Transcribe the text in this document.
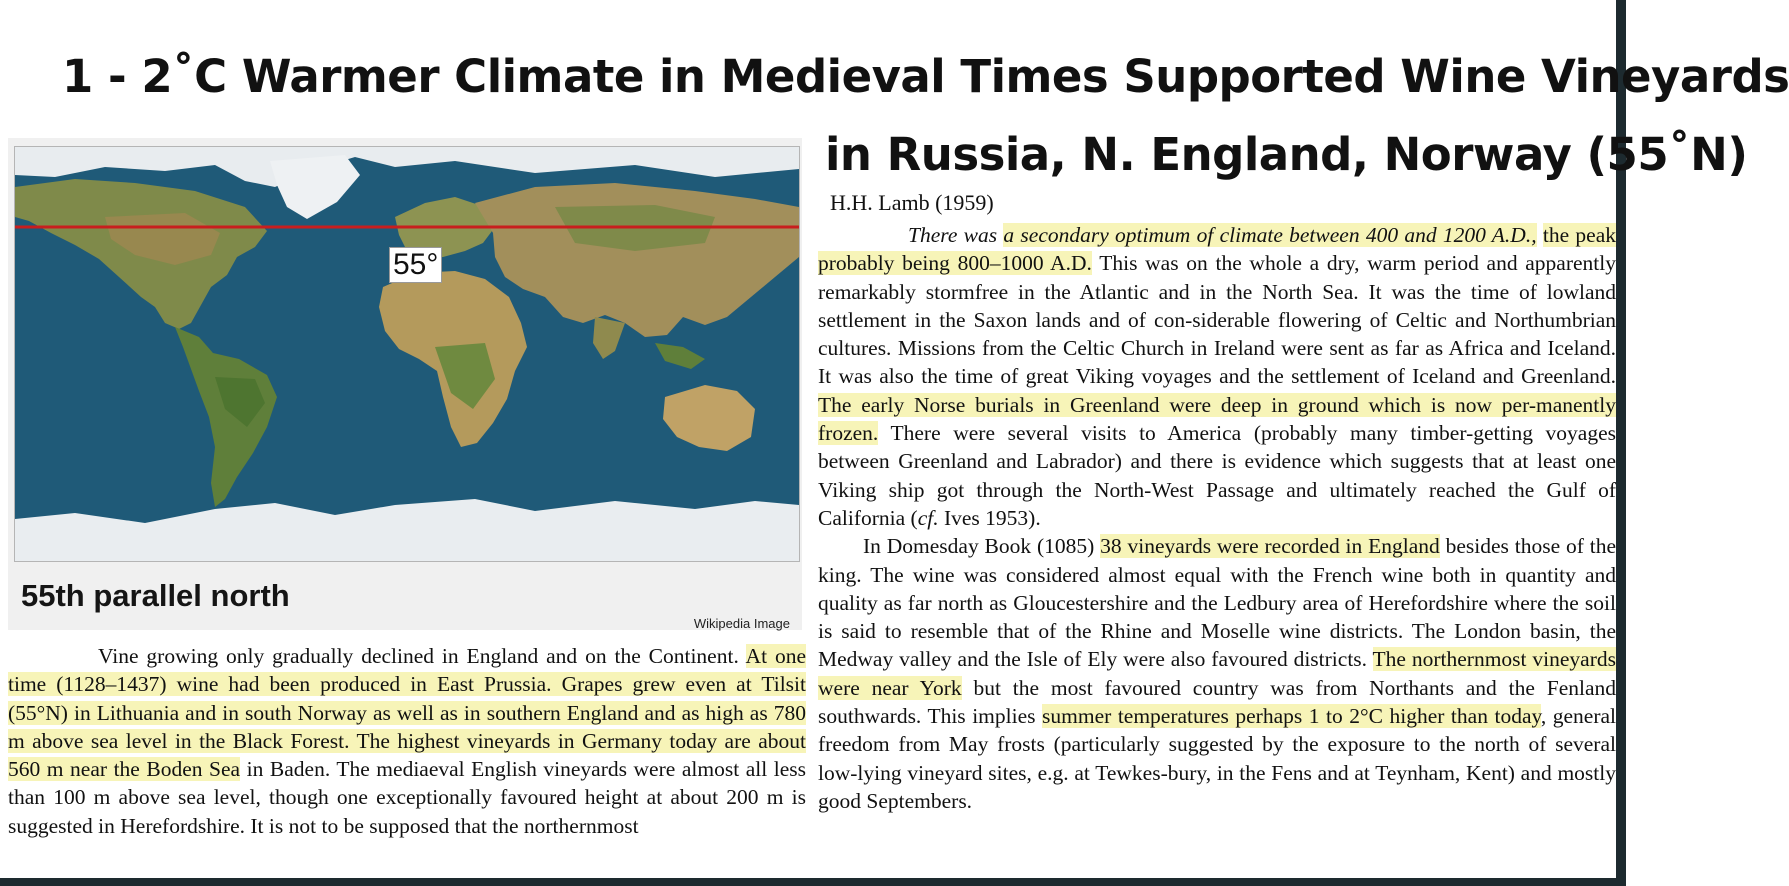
1 - 2˚C Warmer Climate in Medieval Times Supported Wine Vineyards
in Russia, N. England, Norway (55˚N)
55°
55th parallel north
Wikipedia Image
H.H. Lamb (1959)

There was a secondary optimum of climate between 400 and 1200 A.D., the peak probably being 800–1000 A.D. This was on the whole a dry, warm period and apparently remarkably stormfree in the Atlantic and in the North Sea. It was the time of lowland settlement in the Saxon lands and of con-siderable flowering of Celtic and Northumbrian cultures. Missions from the Celtic Church in Ireland were sent as far as Africa and Iceland. It was also the time of great Viking voyages and the settlement of Iceland and Greenland. The early Norse burials in Greenland were deep in ground which is now per-manently frozen. There were several visits to America (probably many timber-getting voyages between Greenland and Labrador) and there is evidence which suggests that at least one Viking ship got through the North-West Passage and ultimately reached the Gulf of California (cf. Ives 1953).

In Domesday Book (1085) 38 vineyards were recorded in England besides those of the king. The wine was considered almost equal with the French wine both in quantity and quality as far north as Gloucestershire and the Ledbury area of Herefordshire where the soil is said to resemble that of the Rhine and Moselle wine districts. The London basin, the Medway valley and the Isle of Ely were also favoured districts. The northernmost vineyards were near York but the most favoured country was from Northants and the Fenland southwards. This implies summer temperatures perhaps 1 to 2°C higher than today, general freedom from May frosts (particularly suggested by the exposure to the north of several low-lying vineyard sites, e.g. at Tewkes-bury, in the Fens and at Teynham, Kent) and mostly good Septembers.

Vine growing only gradually declined in England and on the Continent. At one time (1128–1437) wine had been produced in East Prussia. Grapes grew even at Tilsit (55°N) in Lithuania and in south Norway as well as in southern England and as high as 780 m above sea level in the Black Forest. The highest vineyards in Germany today are about 560 m near the Boden Sea in Baden. The mediaeval English vineyards were almost all less than 100 m above sea level, though one exceptionally favoured height at about 200 m is suggested in Herefordshire. It is not to be supposed that the northernmost
